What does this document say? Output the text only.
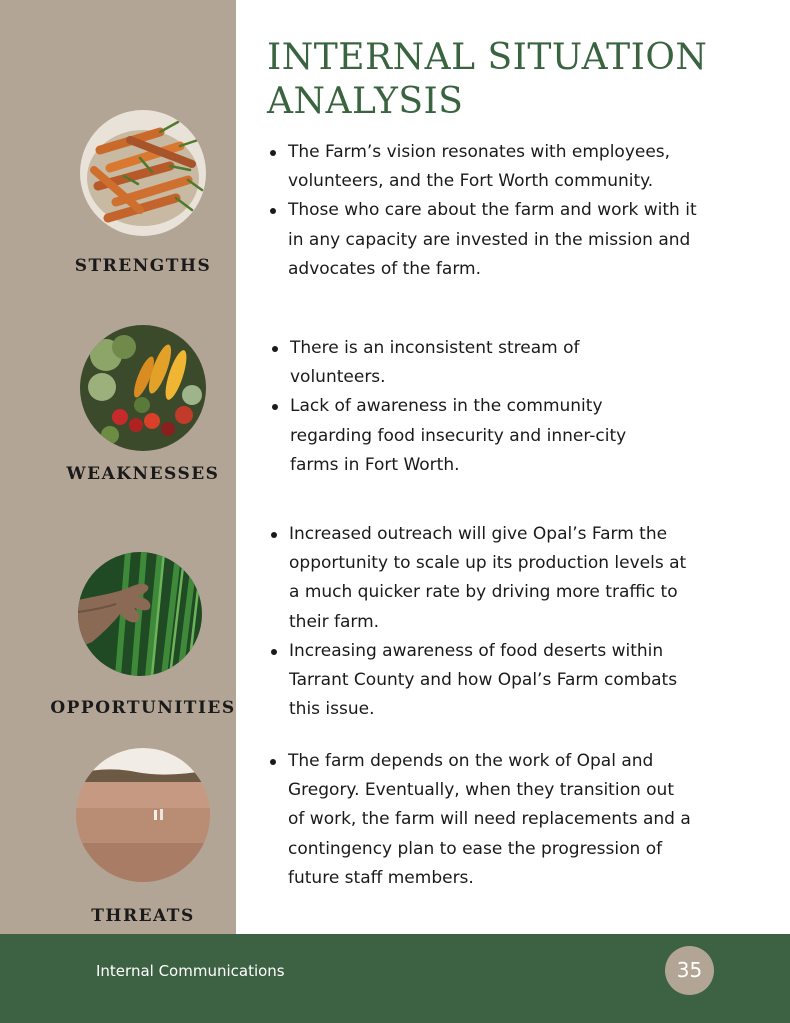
INTERNAL SITUATION ANALYSIS
STRENGTHS
The Farm’s vision resonates with employees, volunteers, and the Fort Worth community.
Those who care about the farm and work with it in any capacity are invested in the mission and advocates of the farm.
WEAKNESSES
There is an inconsistent stream of volunteers.
Lack of awareness in the community regarding food insecurity and inner-city farms in Fort Worth.
OPPORTUNITIES
Increased outreach will give Opal’s Farm the opportunity to scale up its production levels at a much quicker rate by driving more traffic to their farm.
Increasing awareness of food deserts within Tarrant County and how Opal’s Farm combats this issue.
THREATS
The farm depends on the work of Opal and Gregory. Eventually, when they transition out of work, the farm will need replacements and a contingency plan to ease the progression of future staff members.
Internal Communications	35
